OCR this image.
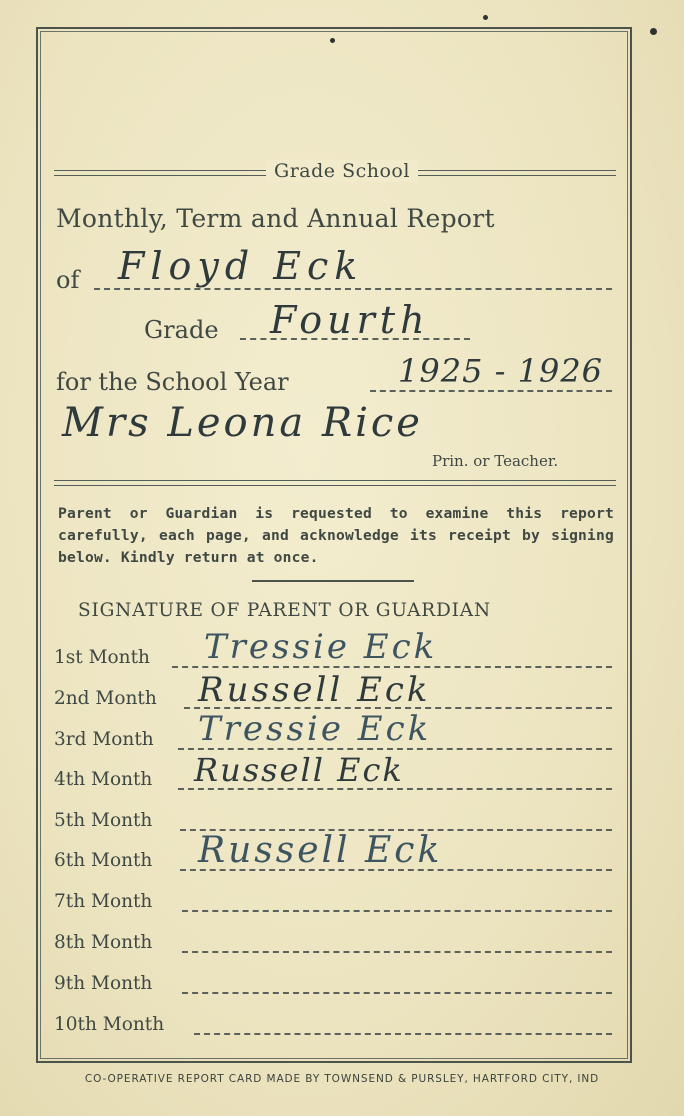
Grade School
Monthly, Term and Annual Report
of Floyd Eck
Grade Fourth
for the School Year	1925 - 1926
Mrs Leona Rice
Prin. or Teacher.
Parent or Guardian is requested to examine this report carefully, each page, and acknowledge its receipt by signing below. Kindly return at once.
SIGNATURE OF PARENT OR GUARDIAN
1st Month Tressie Eck
2nd Month Russell Eck
3rd Month Tressie Eck
4th Month Russell Eck
5th Month
6th Month Russell Eck
7th Month
8th Month
9th Month
10th Month
CO-OPERATIVE REPORT CARD MADE BY TOWNSEND & PURSLEY, HARTFORD CITY, IND
